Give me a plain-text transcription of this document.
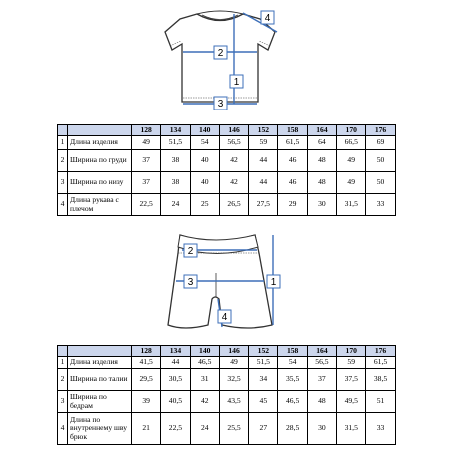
1
2
3
4
		128	134	140	146	152	158	164	170	176
1	Длина изделия	49	51,5	54	56,5	59	61,5	64	66,5	69
2	Ширина по груди	37	38	40	42	44	46	48	49	50
3	Ширина по низу	37	38	40	42	44	46	48	49	50
4	Длина рукава с плечом	22,5	24	25	26,5	27,5	29	30	31,5	33
2
3	1
4
		128	134	140	146	152	158	164	170	176
1	Длина изделия	41,5	44	46,5	49	51,5	54	56,5	59	61,5
2	Ширина по талии	29,5	30,5	31	32,5	34	35,5	37	37,5	38,5
3	Ширина по бедрам	39	40,5	42	43,5	45	46,5	48	49,5	51
4	Длина по внутреннему шву брюк	21	22,5	24	25,5	27	28,5	30	31,5	33
